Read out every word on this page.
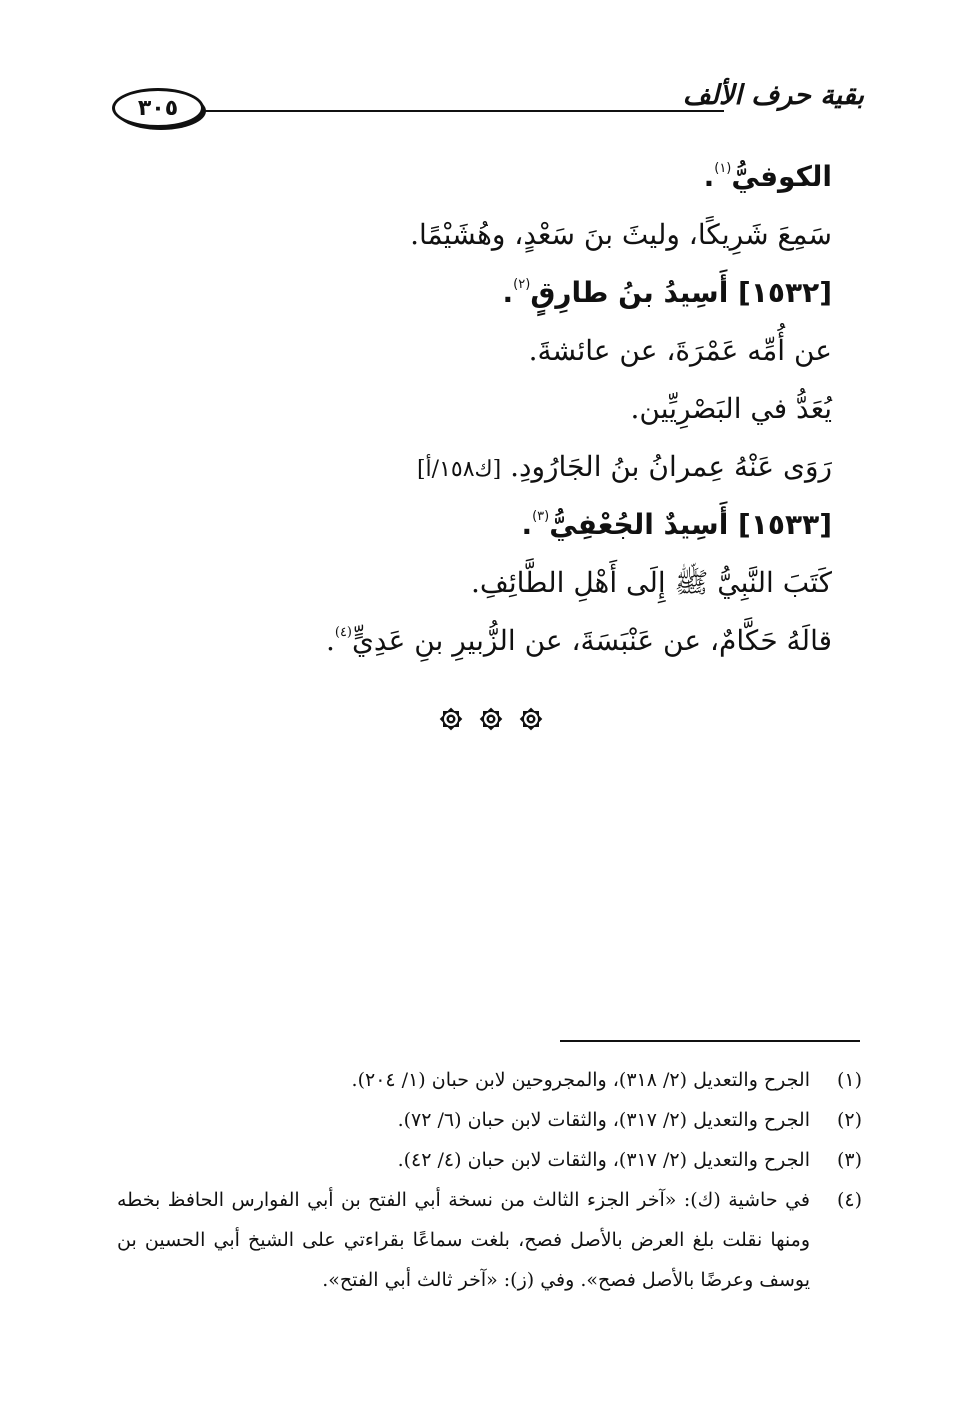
٣٠٥	بقية حرف الألف
الكوفيُّ$^{(١)}$.
سَمِعَ شَرِيكًا، وليثَ بنَ سَعْدٍ، وهُشَيْمًا.
[١٥٣٢] أَسِيدُ بنُ طارِقٍ$^{(٢)}$.
عن أُمِّه عَمْرَةَ، عن عائشةَ.
يُعَدُّ في البَصْرِيِّين.
رَوَى عَنْهُ عِمرانُ بنُ الجَارُودِ. [ك١٥٨/أ]
[١٥٣٣] أَسِيدٌ الجُعْفِيُّ$^{(٣)}$.
كَتَبَ النَّبِيُّ ﷺ إِلَى أَهْلِ الطَّائِفِ.
قالَهُ حَكَّامٌ، عن عَنْبَسَةَ، عن الزُّبيرِ بنِ عَدِيٍّ$^{(٤)}$.
(١)
الجرح والتعديل (٢/ ٣١٨)، والمجروحين لابن حبان (١/ ٢٠٤).
(٢)
الجرح والتعديل (٢/ ٣١٧)، والثقات لابن حبان (٦/ ٧٢).
(٣)
الجرح والتعديل (٢/ ٣١٧)، والثقات لابن حبان (٤/ ٤٢).
(٤)
في حاشية (ك): «آخر الجزء الثالث من نسخة أبي الفتح بن أبي الفوارس الحافظ بخطه
ومنها نقلت بلغ العرض بالأصل فصح، بلغت سماعًا بقراءتي على الشيخ أبي الحسين بن
يوسف وعرضًا بالأصل فصح». وفي (ز): «آخر ثالث أبي الفتح».
